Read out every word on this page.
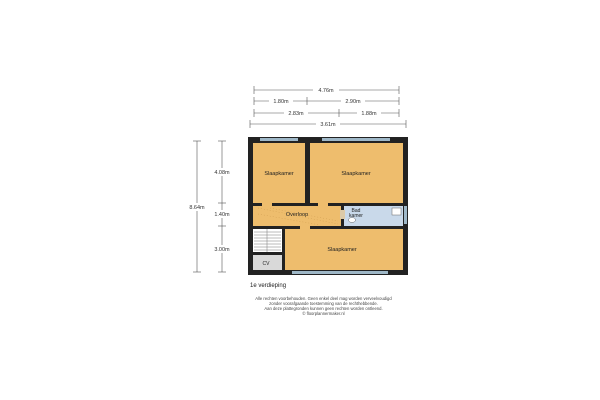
4.76m
1.80m	2.90m
2.83m	1.88m
3.61m
8.64m
4.08m
1.40m
3.00m
Slaapkamer	Slaapkamer
Overloop
Bad
kamer
Slaapkamer
CV
1e verdieping
Alle rechten voorbehouden. Geen enkel deel mag worden verveelvoudigd
zonder voorafgaande toestemming van de rechthebbende.
Aan deze plattegronden kunnen geen rechten worden ontleend.
© floorplannermaker.nl
